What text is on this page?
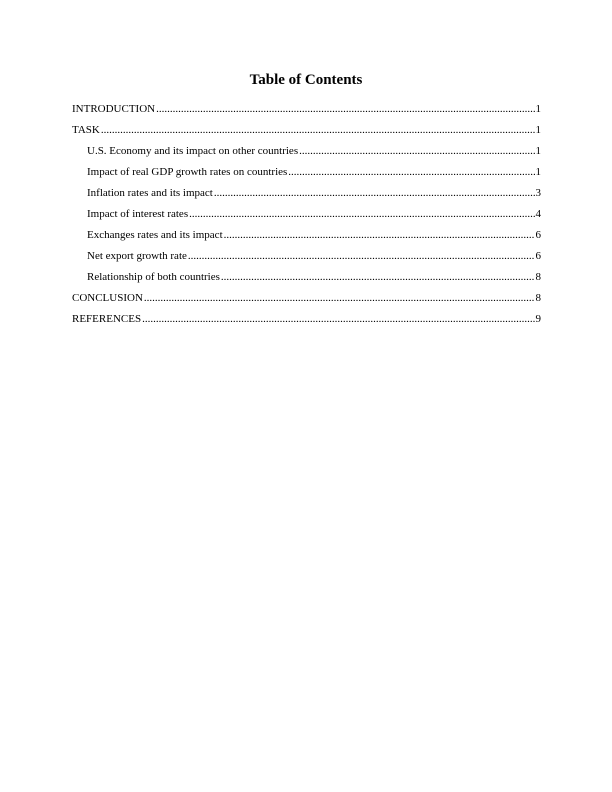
Table of Contents
INTRODUCTION .....	1
TASK .....	1
U.S. Economy and its impact on other countries .....	1
Impact of real GDP growth rates on countries .....	1
Inflation rates and its impact .....	3
Impact of interest rates .....	4
Exchanges rates and its impact .....	6
Net export growth rate .....	6
Relationship of both countries .....	8
CONCLUSION .....	8
REFERENCES .....	9
